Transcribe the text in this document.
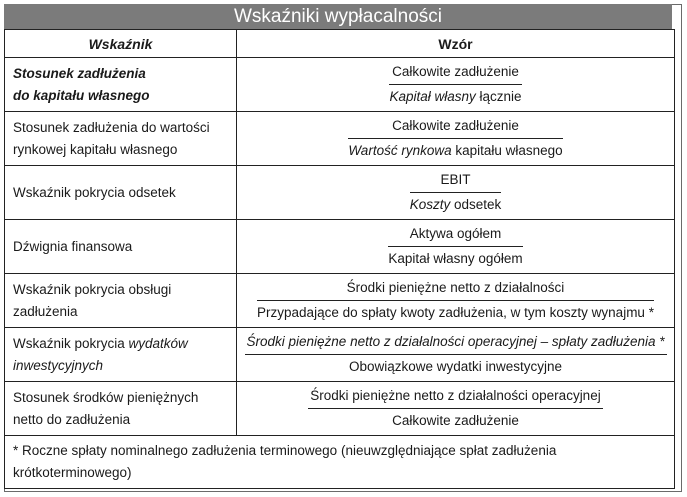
Wskaźniki wypłacalności
Wskaźnik	Wzór
Stosunek zadłużenia
do kapitału własnego	$\frac{\text{Całkowite zadłużenie}}{\text{Kapitał własny łącznie}}$

Stosunek zadłużenia do wartości
rynkowej kapitału własnego	$\frac{\text{Całkowite zadłużenie}}{\text{Wartość rynkowa kapitału własnego}}$

Wskaźnik pokrycia odsetek	$\frac{\text{EBIT}}{\text{Koszty odsetek}}$

Dźwignia finansowa	$\frac{\text{Aktywa ogółem}}{\text{Kapitał własny ogółem}}$

Wskaźnik pokrycia obsługi
zadłużenia	Środki pieniężne netto z działalności
Przypadające do spłaty kwoty zadłużenia, w tym koszty wynajmu *

Wskaźnik pokrycia wydatków
inwestycyjnych	Środki pieniężne netto z działalności operacyjnej – spłaty zadłużenia *
Obowiązkowe wydatki inwestycyjne

Stosunek środków pieniężnych
netto do zadłużenia	$\frac{\text{Środki pieniężne netto z działalności operacyjnej}}{\text{Całkowite zadłużenie}}$

* Roczne spłaty nominalnego zadłużenia terminowego (nieuwzględniające spłat zadłużenia
krótkoterminowego)	
